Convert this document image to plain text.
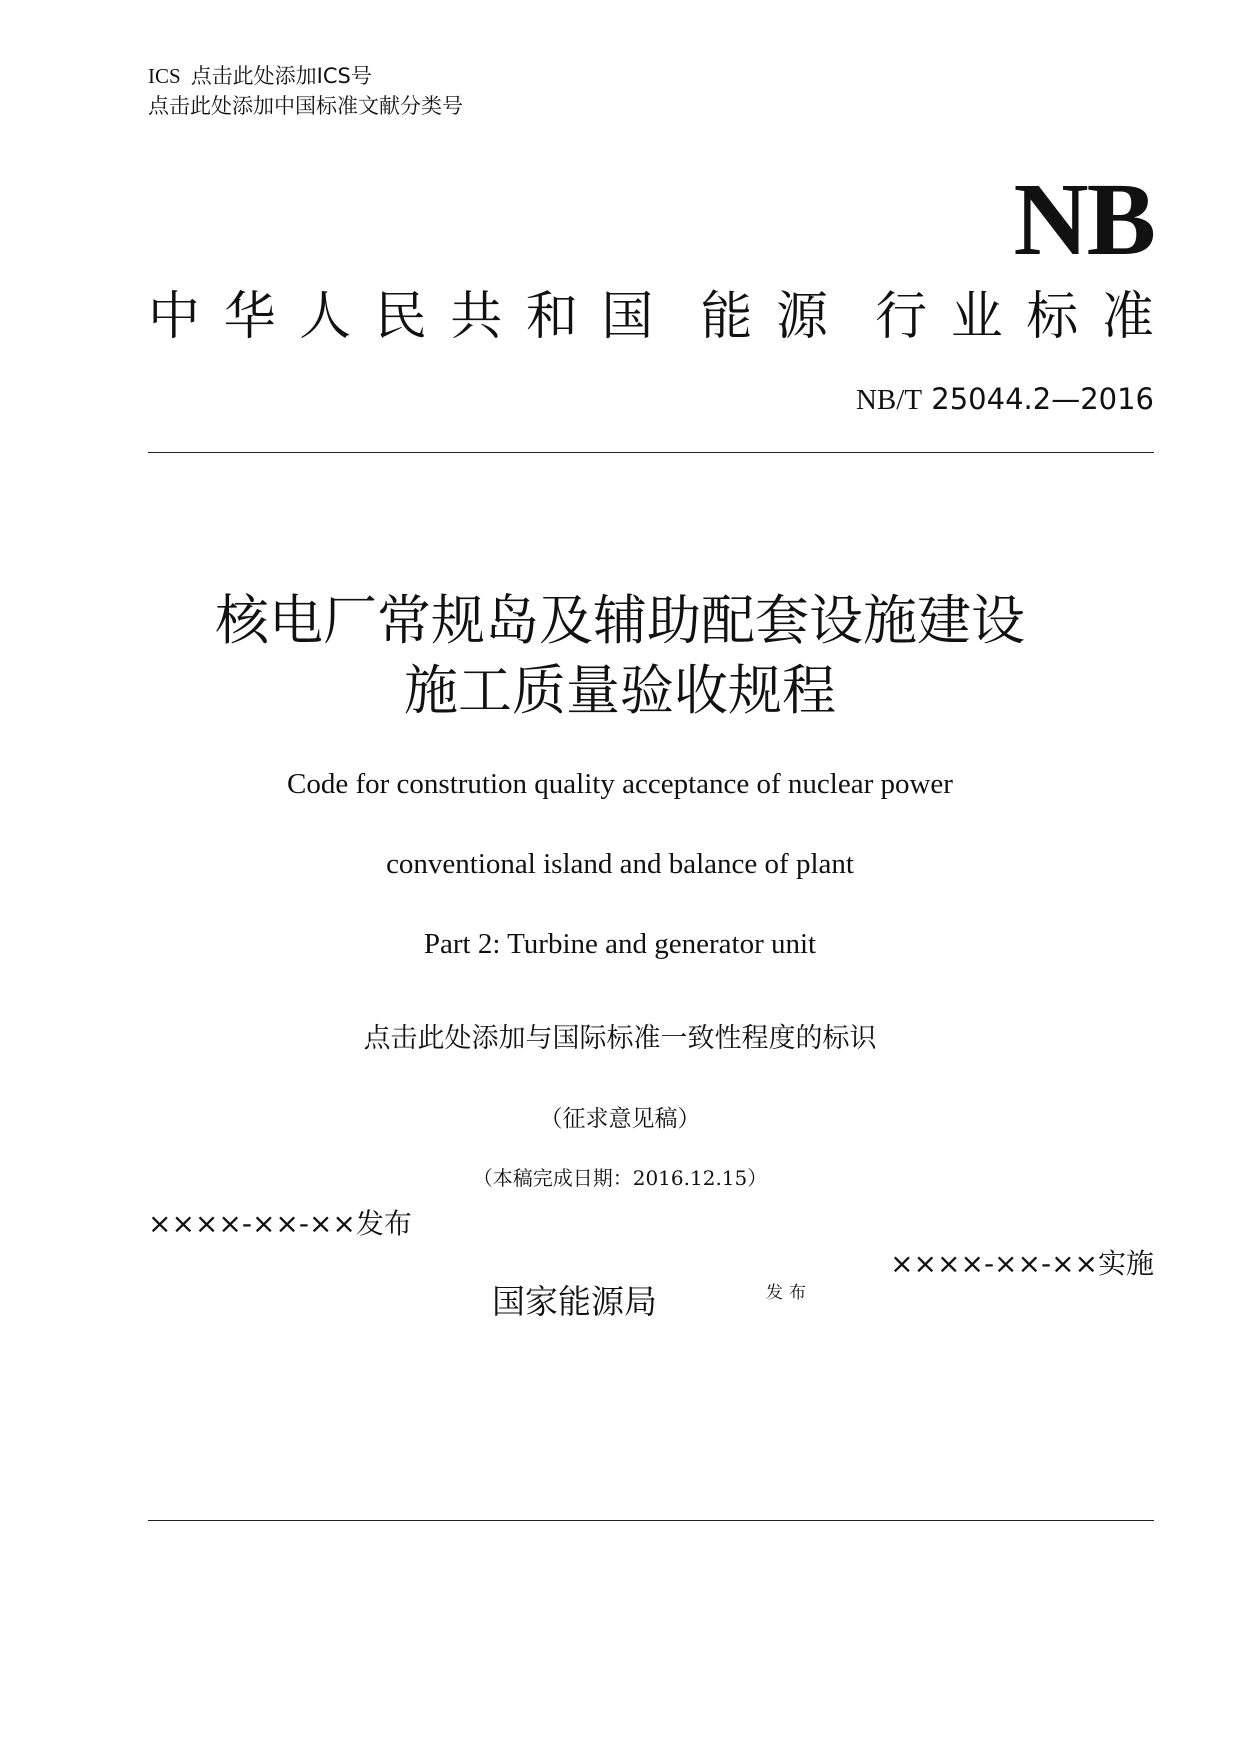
ICS 点击此处添加ICS号
点击此处添加中国标准文献分类号
NB
中 华 人 民 共 和 国 能 源 行 业 标 准
NB/T 25044.2—2016
核电厂常规岛及辅助配套设施建设
施工质量验收规程
Code for constrution quality acceptance of nuclear power
conventional island and balance of plant
Part 2: Turbine and generator unit
点击此处添加与国际标准一致性程度的标识
（征求意见稿）
（本稿完成日期：2016.12.15）
××××-××-××发布
××××-××-××实施
国家能源局	发布
